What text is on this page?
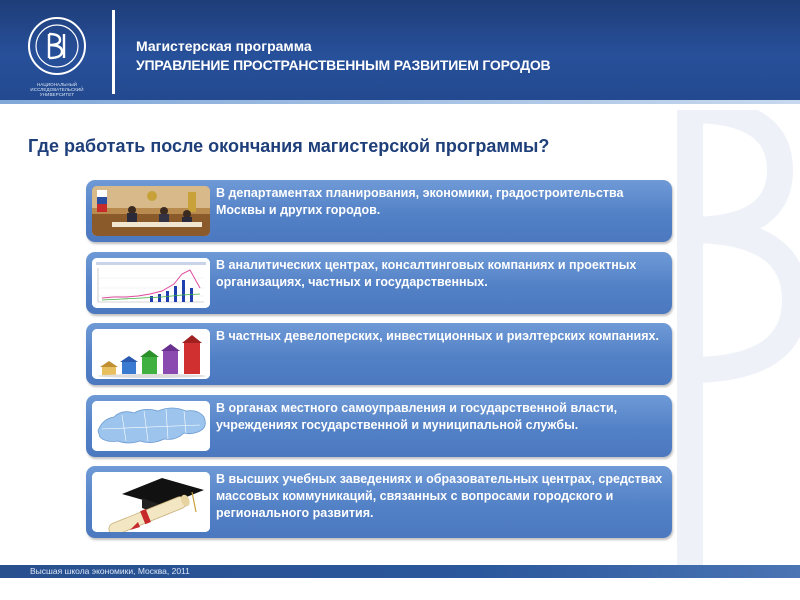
НАЦИОНАЛЬНЫЙ ИССЛЕДОВАТЕЛЬСКИЙ УНИВЕРСИТЕТ
Магистерская программа
УПРАВЛЕНИЕ ПРОСТРАНСТВЕННЫМ РАЗВИТИЕМ ГОРОДОВ
Где работать после окончания магистерской программы?
В департаментах планирования, экономики, градостроительства Москвы и других городов.
В аналитических центрах, консалтинговых компаниях и проектных организациях, частных и государственных.
В частных девелоперских, инвестиционных и риэлтерских компаниях.
В органах местного самоуправления и государственной власти, учреждениях государственной и муниципальной службы.
В высших учебных заведениях и образовательных центрах, средствах массовых коммуникаций, связанных с вопросами городского и регионального развития.
Высшая школа экономики, Москва, 2011
